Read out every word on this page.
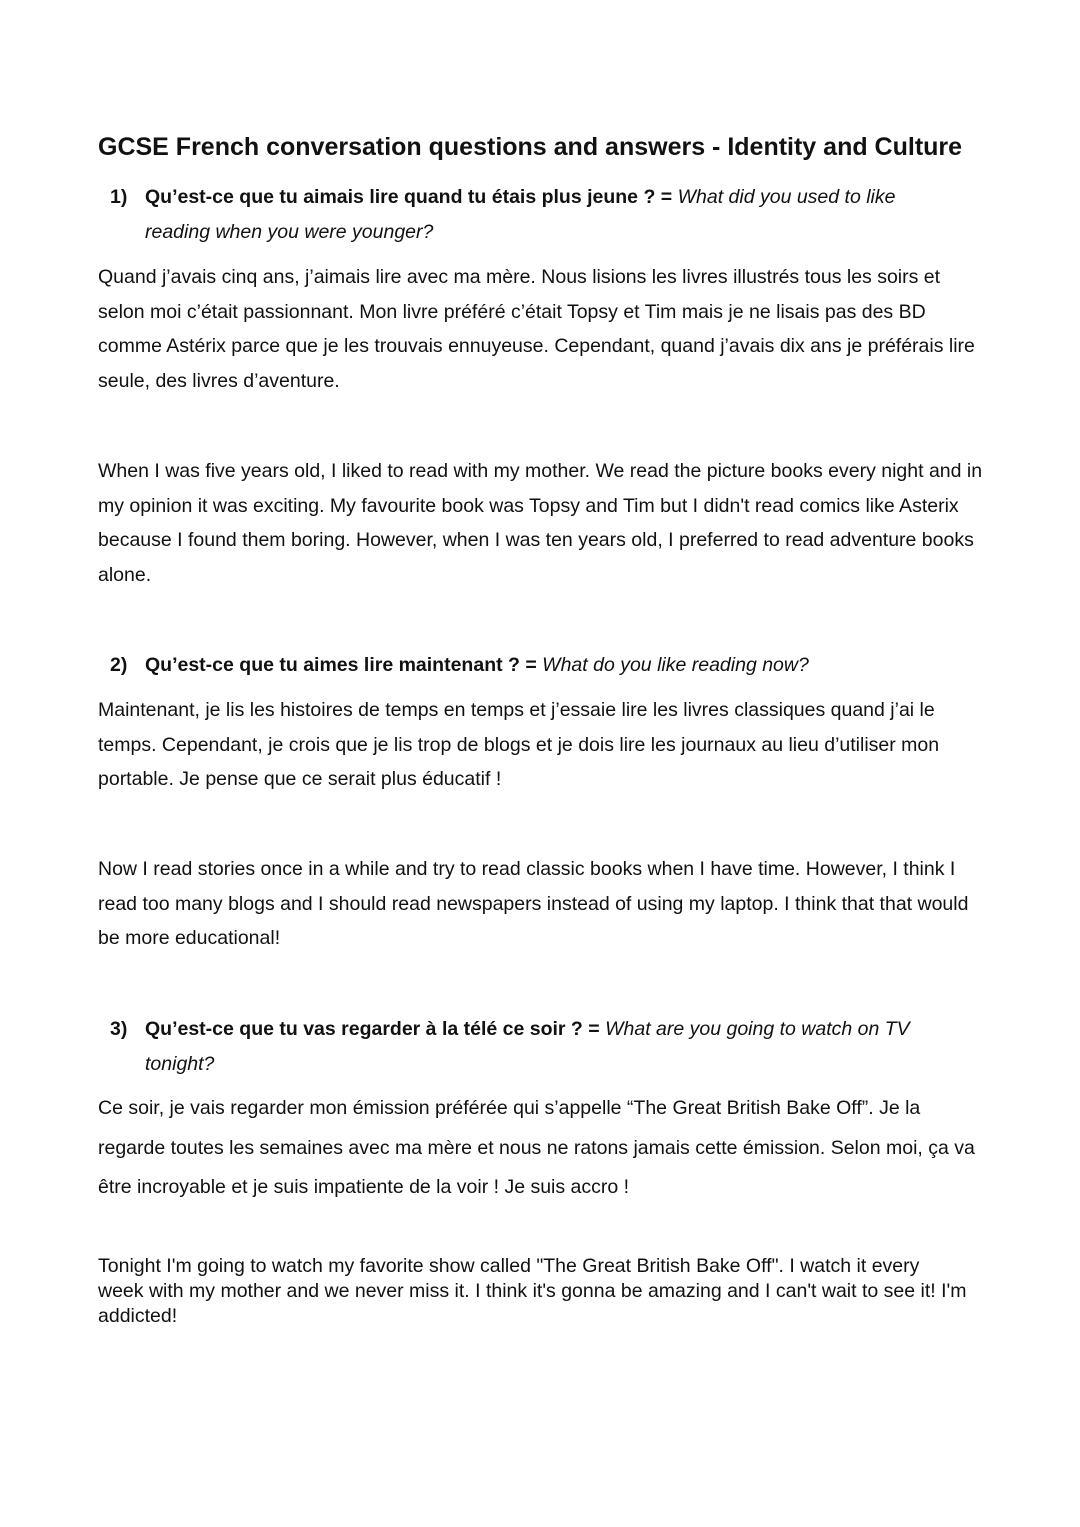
GCSE French conversation questions and answers - Identity and Culture
1) Qu’est-ce que tu aimais lire quand tu étais plus jeune ? = What did you used to like reading when you were younger?

Quand j’avais cinq ans, j’aimais lire avec ma mère. Nous lisions les livres illustrés tous les soirs et selon moi c’était passionnant. Mon livre préféré c’était Topsy et Tim mais je ne lisais pas des BD comme Astérix parce que je les trouvais ennuyeuse. Cependant, quand j’avais dix ans je préférais lire seule, des livres d’aventure.

When I was five years old, I liked to read with my mother. We read the picture books every night and in my opinion it was exciting. My favourite book was Topsy and Tim but I didn't read comics like Asterix because I found them boring. However, when I was ten years old, I preferred to read adventure books alone.

2) Qu’est-ce que tu aimes lire maintenant ? = What do you like reading now?

Maintenant, je lis les histoires de temps en temps et j’essaie lire les livres classiques quand j’ai le temps. Cependant, je crois que je lis trop de blogs et je dois lire les journaux au lieu d’utiliser mon portable. Je pense que ce serait plus éducatif !

Now I read stories once in a while and try to read classic books when I have time. However, I think I read too many blogs and I should read newspapers instead of using my laptop. I think that that would be more educational!

3) Qu’est-ce que tu vas regarder à la télé ce soir ? = What are you going to watch on TV tonight?

Ce soir, je vais regarder mon émission préférée qui s’appelle “The Great British Bake Off”. Je la regarde toutes les semaines avec ma mère et nous ne ratons jamais cette émission. Selon moi, ça va être incroyable et je suis impatiente de la voir ! Je suis accro !

Tonight I'm going to watch my favorite show called "The Great British Bake Off". I watch it every week with my mother and we never miss it. I think it's gonna be amazing and I can't wait to see it! I'm addicted!
